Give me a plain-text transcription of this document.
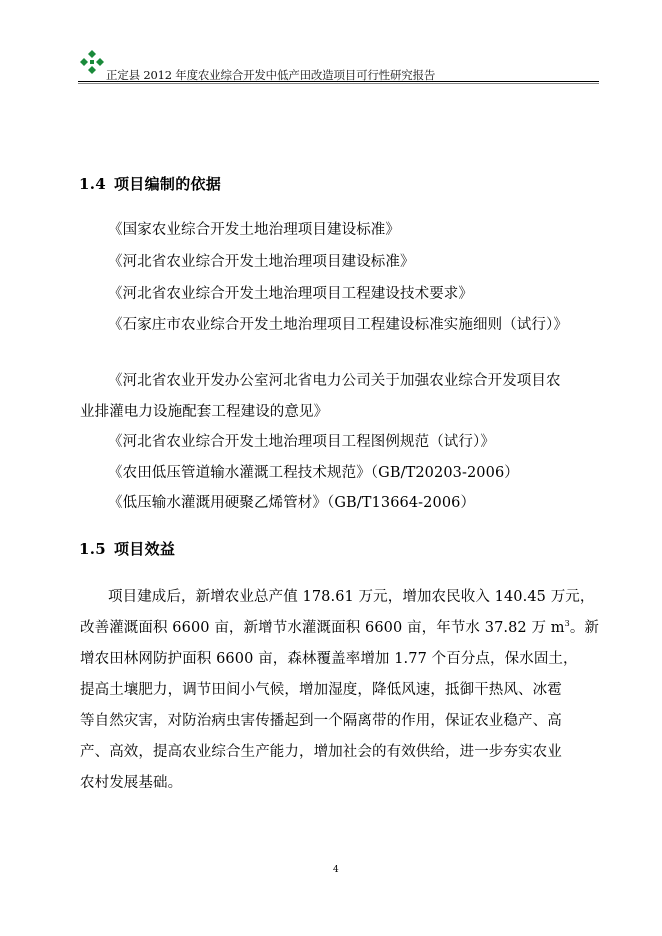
正定县 2012 年度农业综合开发中低产田改造项目可行性研究报告
1.4 项目编制的依据
《国家农业综合开发土地治理项目建设标准》
《河北省农业综合开发土地治理项目建设标准》
《河北省农业综合开发土地治理项目工程建设技术要求》
《石家庄市农业综合开发土地治理项目工程建设标准实施细则（试行）》
《河北省农业开发办公室河北省电力公司关于加强农业综合开发项目农
业排灌电力设施配套工程建设的意见》
《河北省农业综合开发土地治理项目工程图例规范（试行）》
《农田低压管道输水灌溉工程技术规范》（GB/T20203-2006）
《低压输水灌溉用硬聚乙烯管材》（GB/T13664-2006）
1.5 项目效益
项目建成后，新增农业总产值 178.61 万元，增加农民收入 140.45 万元，
改善灌溉面积 6600 亩，新增节水灌溉面积 6600 亩，年节水 37.82 万 $m^3$。新
增农田林网防护面积 6600 亩，森林覆盖率增加 1.77 个百分点，保水固土，
提高土壤肥力，调节田间小气候，增加湿度，降低风速，抵御干热风、冰雹
等自然灾害，对防治病虫害传播起到一个隔离带的作用，保证农业稳产、高
产、高效，提高农业综合生产能力，增加社会的有效供给，进一步夯实农业
农村发展基础。
4
